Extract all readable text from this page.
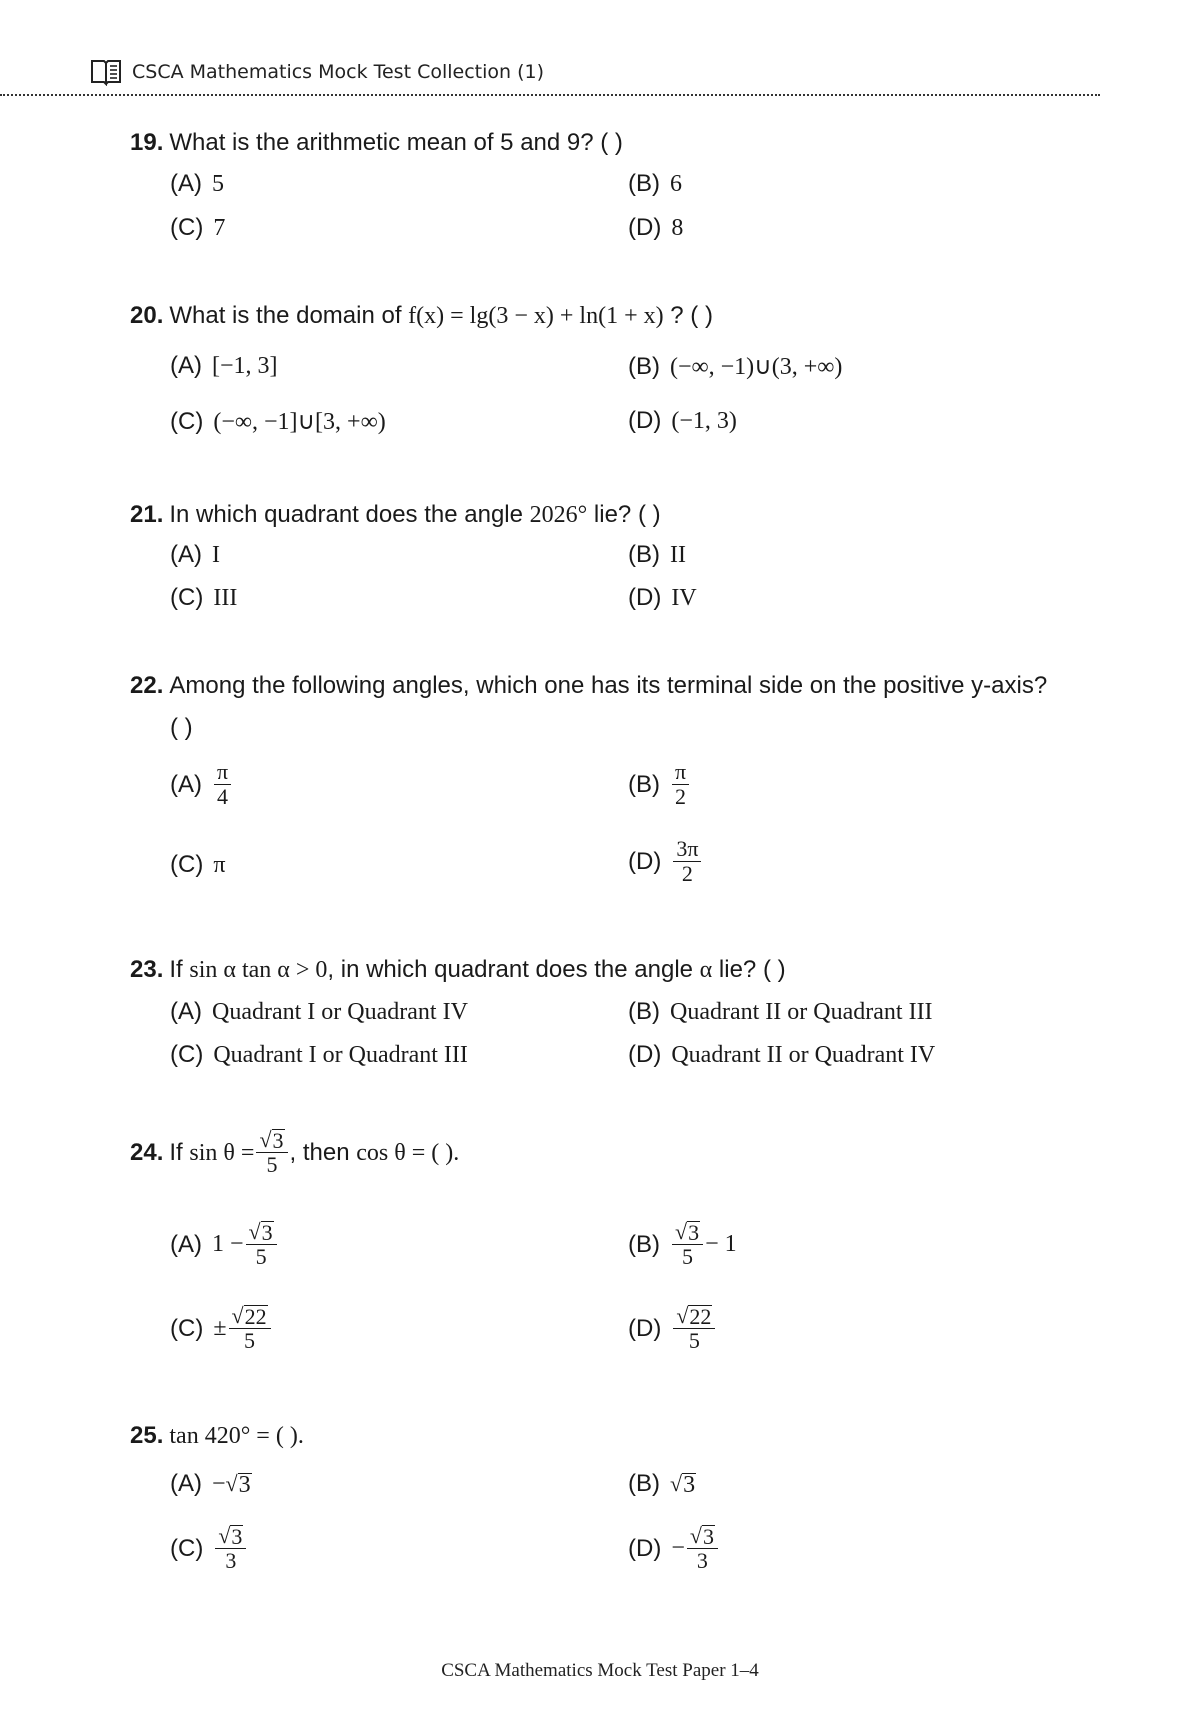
CSCA Mathematics Mock Test Collection (1)
19. What is the arithmetic mean of 5 and 9? ( )
(A) 5	(B) 6
(C) 7	(D) 8
20. What is the domain of f(x) = lg(3 − x) + ln(1 + x) ? ( )
(A) [−1, 3]	(B) (−∞, −1)∪(3, +∞)
(C) (−∞, −1]∪[3, +∞)	(D) (−1, 3)
21. In which quadrant does the angle 2026° lie? ( )
(A) I	(B) II
(C) III	(D) IV
22. Among the following angles, which one has its terminal side on the positive y-axis?
( )
$(A) \frac{\pi}{4}$	$(B) \frac{\pi}{2}$
(C) π	$(D) \frac{3\pi}{2}$
23. If sin α tan α > 0, in which quadrant does the angle α lie? ( )
(A) Quadrant I or Quadrant IV	(B) Quadrant II or Quadrant III
(C) Quadrant I or Quadrant III	(D) Quadrant II or Quadrant IV
24. If
$\sin \theta = \frac{√ 3}{5}$ , then
cos θ = ( ).
(A) $1 - \frac{√ 3}{5}$	$(B) \frac{√ 3}{5} - 1$
$(C) \pm \frac{√ 22}{5}$	$(D) \frac{√ 22}{5}$
25. tan 420° = ( ).
(A) − √ 3	(B) √ 3
$(C) \frac{√ 3}{3}$	$(D) - \frac{√ 3}{3}$
CSCA Mathematics Mock Test Paper 1–4
